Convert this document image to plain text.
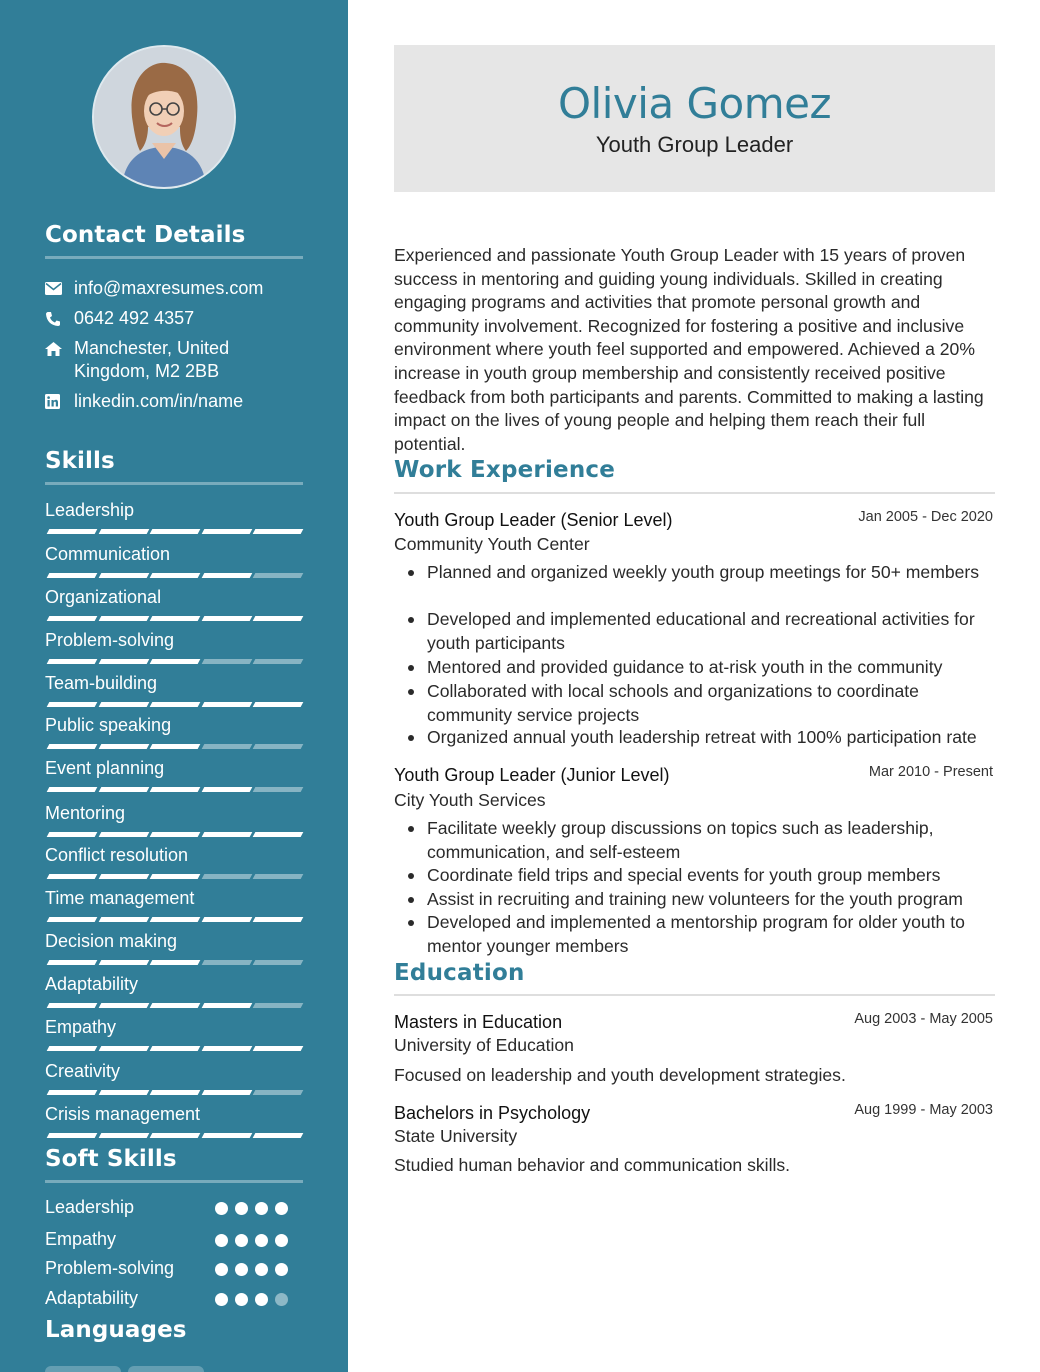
Contact Details
info@maxresumes.com
0642 492 4357
Manchester, United Kingdom, M2 2BB
linkedin.com/in/name
Skills
Leadership
Communication
Organizational
Problem-solving
Team-building
Public speaking
Event planning
Mentoring
Conflict resolution
Time management
Decision making
Adaptability
Empathy
Creativity
Crisis management
Soft Skills
Leadership
Empathy
Problem-solving
Adaptability
Languages
Olivia Gomez
Youth Group Leader
Experienced and passionate Youth Group Leader with 15 years of proven success in mentoring and guiding young individuals. Skilled in creating engaging programs and activities that promote personal growth and community involvement. Recognized for fostering a positive and inclusive environment where youth feel supported and empowered. Achieved a 20% increase in youth group membership and consistently received positive feedback from both participants and parents. Committed to making a lasting impact on the lives of young people and helping them reach their full potential.
Work Experience
Youth Group Leader (Senior Level)	Jan 2005 - Dec 2020
Community Youth Center
Planned and organized weekly youth group meetings for 50+ members
Developed and implemented educational and recreational activities for youth participants
Mentored and provided guidance to at-risk youth in the community
Collaborated with local schools and organizations to coordinate community service projects
Organized annual youth leadership retreat with 100% participation rate
Youth Group Leader (Junior Level)	Mar 2010 - Present
City Youth Services
Facilitate weekly group discussions on topics such as leadership, communication, and self-esteem
Coordinate field trips and special events for youth group members
Assist in recruiting and training new volunteers for the youth program
Developed and implemented a mentorship program for older youth to mentor younger members
Education
Masters in Education	Aug 2003 - May 2005
University of Education
Focused on leadership and youth development strategies.
Bachelors in Psychology	Aug 1999 - May 2003
State University
Studied human behavior and communication skills.
